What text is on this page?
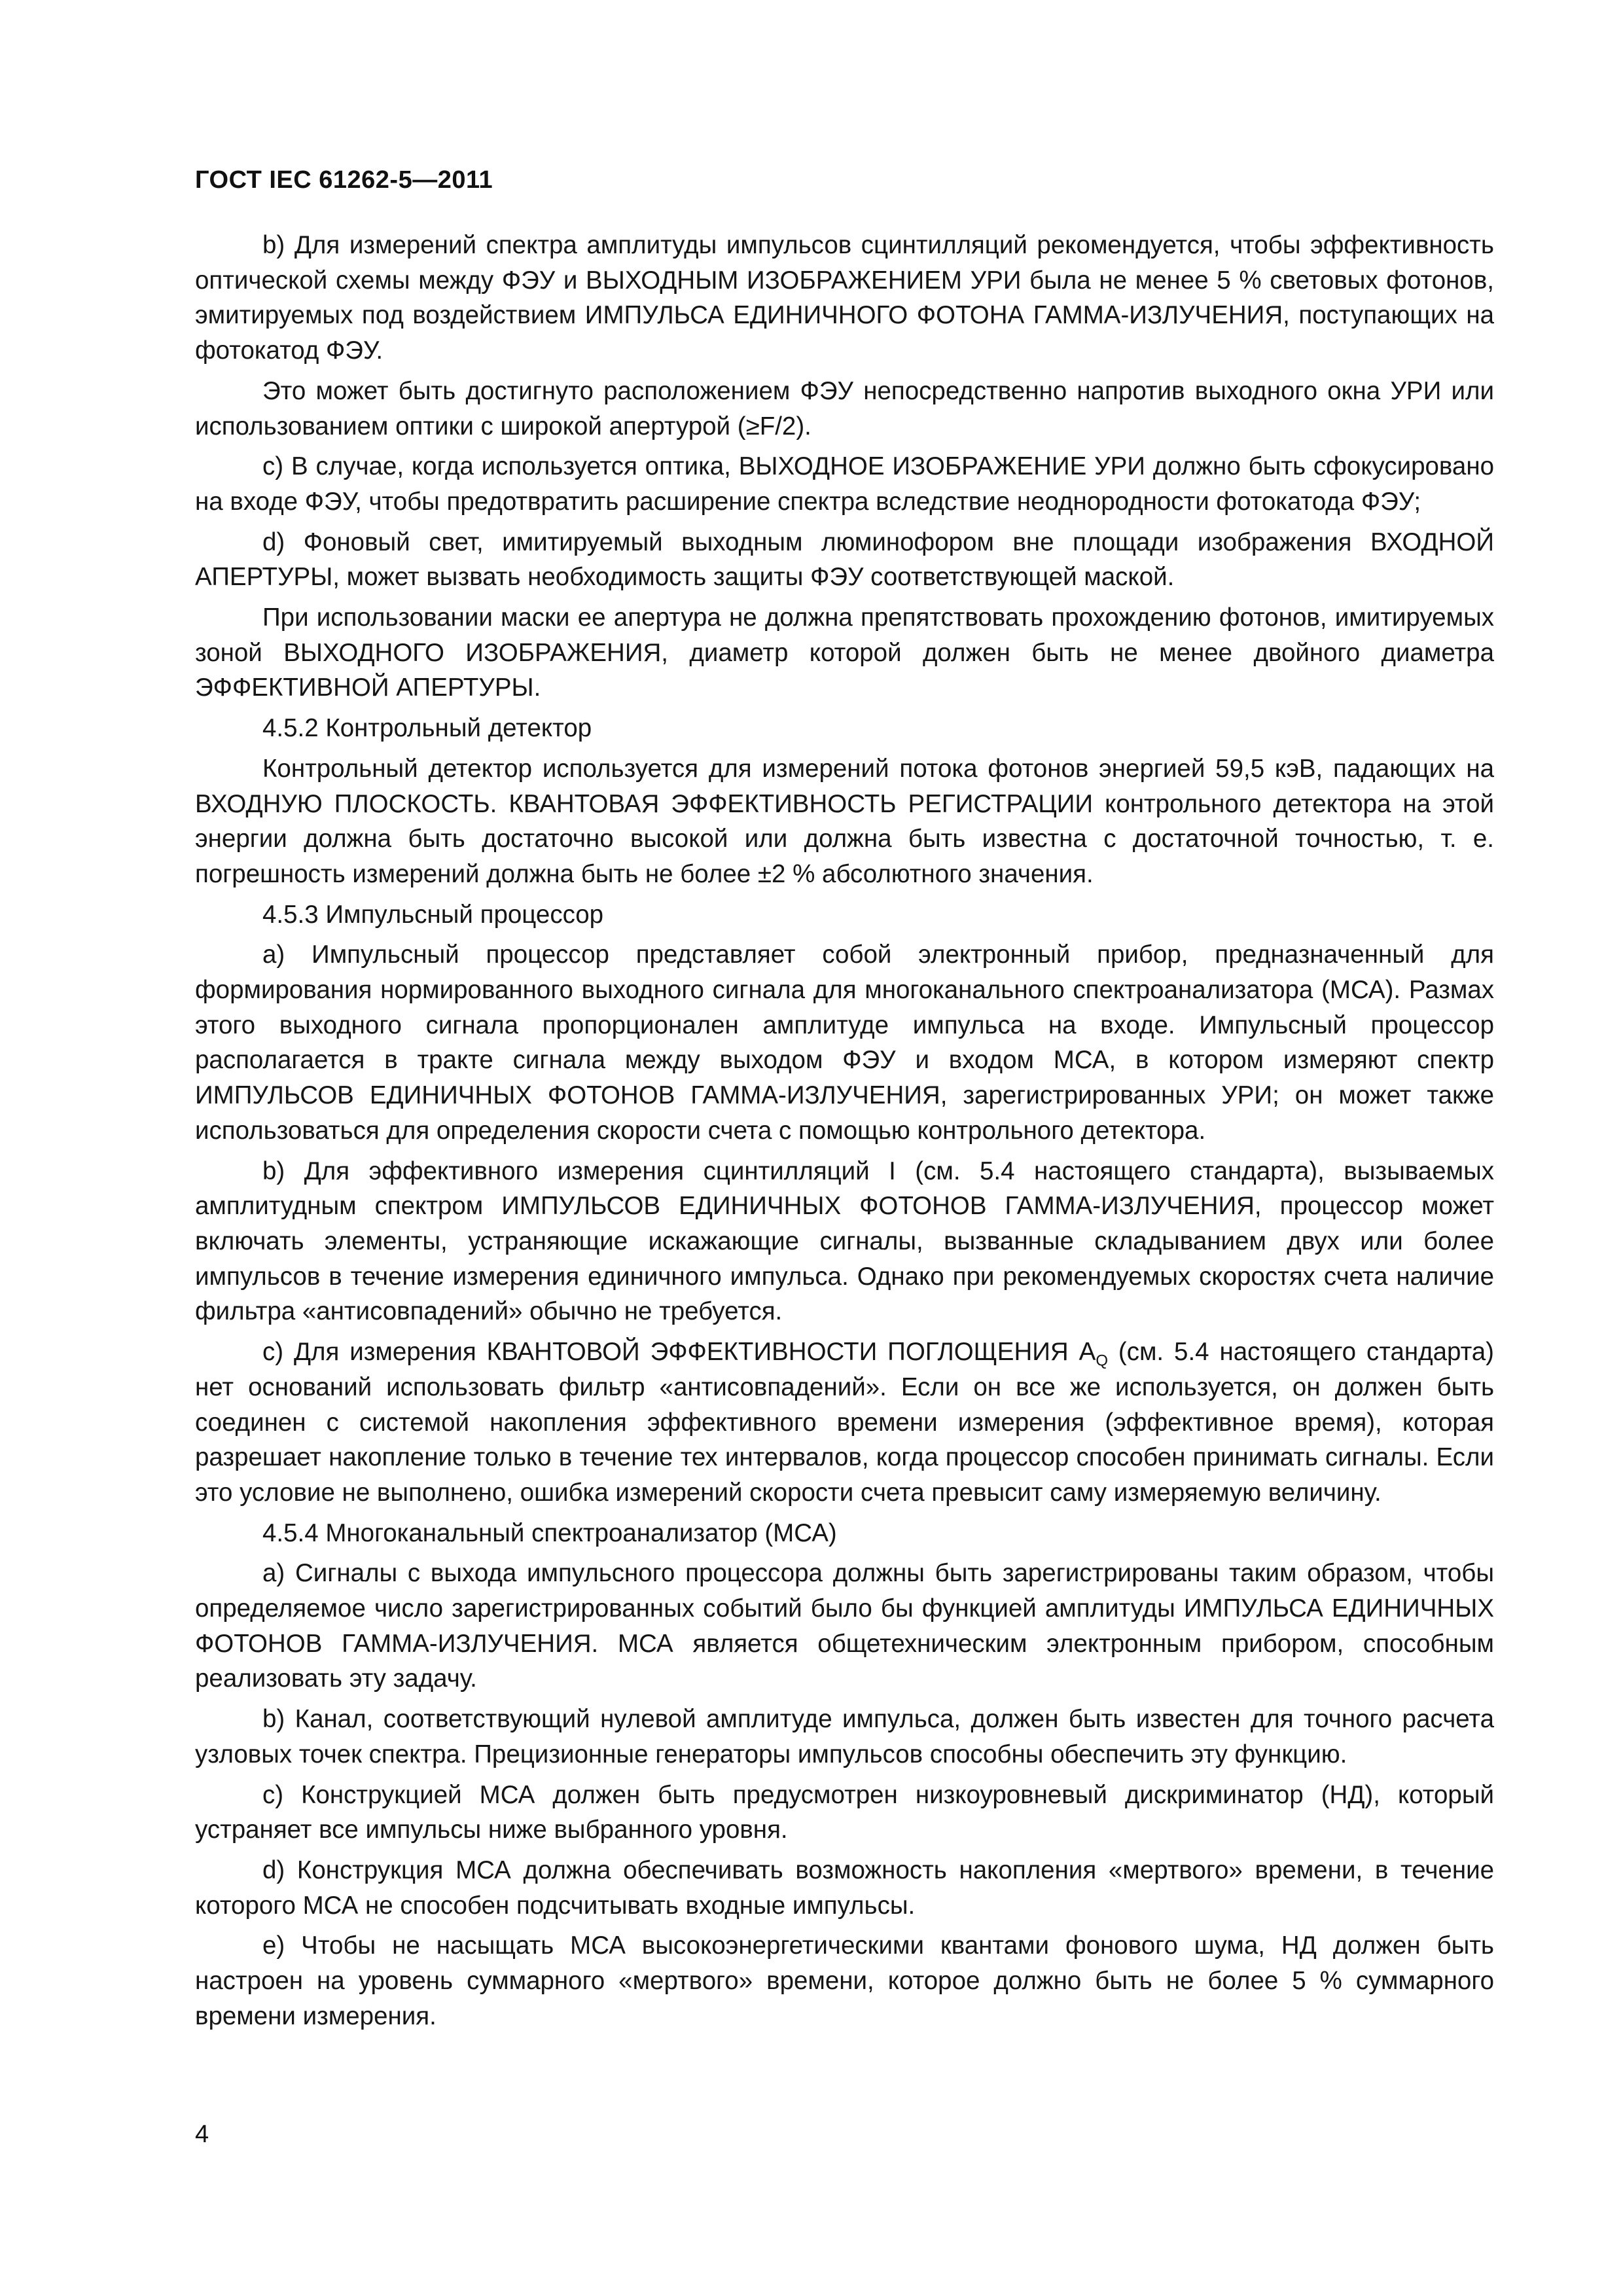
ГОСТ IEC 61262-5—2011

b) Для измерений спектра амплитуды импульсов сцинтилляций рекомендуется, чтобы эффективность оптической схемы между ФЭУ и ВЫХОДНЫМ ИЗОБРАЖЕНИЕМ УРИ была не менее 5 % световых фотонов, эмитируемых под воздействием ИМПУЛЬСА ЕДИНИЧНОГО ФОТОНА ГАММА-ИЗЛУЧЕНИЯ, поступающих на фотокатод ФЭУ.

Это может быть достигнуто расположением ФЭУ непосредственно напротив выходного окна УРИ или использованием оптики с широкой апертурой (≥F/2).

c) В случае, когда используется оптика, ВЫХОДНОЕ ИЗОБРАЖЕНИЕ УРИ должно быть сфокусировано на входе ФЭУ, чтобы предотвратить расширение спектра вследствие неоднородности фотокатода ФЭУ;

d) Фоновый свет, имитируемый выходным люминофором вне площади изображения ВХОДНОЙ АПЕРТУРЫ, может вызвать необходимость защиты ФЭУ соответствующей маской.

При использовании маски ее апертура не должна препятствовать прохождению фотонов, имитируемых зоной ВЫХОДНОГО ИЗОБРАЖЕНИЯ, диаметр которой должен быть не менее двойного диаметра ЭФФЕКТИВНОЙ АПЕРТУРЫ.

4.5.2 Контрольный детектор

Контрольный детектор используется для измерений потока фотонов энергией 59,5 кэВ, падающих на ВХОДНУЮ ПЛОСКОСТЬ. КВАНТОВАЯ ЭФФЕКТИВНОСТЬ РЕГИСТРАЦИИ контрольного детектора на этой энергии должна быть достаточно высокой или должна быть известна с достаточной точностью, т. е. погрешность измерений должна быть не более ±2 % абсолютного значения.

4.5.3 Импульсный процессор

a) Импульсный процессор представляет собой электронный прибор, предназначенный для формирования нормированного выходного сигнала для многоканального спектроанализатора (МСА). Размах этого выходного сигнала пропорционален амплитуде импульса на входе. Импульсный процессор располагается в тракте сигнала между выходом ФЭУ и входом МСА, в котором измеряют спектр ИМПУЛЬСОВ ЕДИНИЧНЫХ ФОТОНОВ ГАММА-ИЗЛУЧЕНИЯ, зарегистрированных УРИ; он может также использоваться для определения скорости счета с помощью контрольного детектора.

b) Для эффективного измерения сцинтилляций I (см. 5.4 настоящего стандарта), вызываемых амплитудным спектром ИМПУЛЬСОВ ЕДИНИЧНЫХ ФОТОНОВ ГАММА-ИЗЛУЧЕНИЯ, процессор может включать элементы, устраняющие искажающие сигналы, вызванные складыванием двух или более импульсов в течение измерения единичного импульса. Однако при рекомендуемых скоростях счета наличие фильтра «антисовпадений» обычно не требуется.

c) Для измерения КВАНТОВОЙ ЭФФЕКТИВНОСТИ ПОГЛОЩЕНИЯ $A_Q$ (см. 5.4 настоящего стандарта) нет оснований использовать фильтр «антисовпадений». Если он все же используется, он должен быть соединен с системой накопления эффективного времени измерения (эффективное время), которая разрешает накопление только в течение тех интервалов, когда процессор способен принимать сигналы. Если это условие не выполнено, ошибка измерений скорости счета превысит саму измеряемую величину.

4.5.4 Многоканальный спектроанализатор (МСА)

a) Сигналы с выхода импульсного процессора должны быть зарегистрированы таким образом, чтобы определяемое число зарегистрированных событий было бы функцией амплитуды ИМПУЛЬСА ЕДИНИЧНЫХ ФОТОНОВ ГАММА-ИЗЛУЧЕНИЯ. МСА является общетехническим электронным прибором, способным реализовать эту задачу.

b) Канал, соответствующий нулевой амплитуде импульса, должен быть известен для точного расчета узловых точек спектра. Прецизионные генераторы импульсов способны обеспечить эту функцию.

c) Конструкцией МСА должен быть предусмотрен низкоуровневый дискриминатор (НД), который устраняет все импульсы ниже выбранного уровня.

d) Конструкция МСА должна обеспечивать возможность накопления «мертвого» времени, в течение которого МСА не способен подсчитывать входные импульсы.

e) Чтобы не насыщать МСА высокоэнергетическими квантами фонового шума, НД должен быть настроен на уровень суммарного «мертвого» времени, которое должно быть не более 5 % суммарного времени измерения.

4
